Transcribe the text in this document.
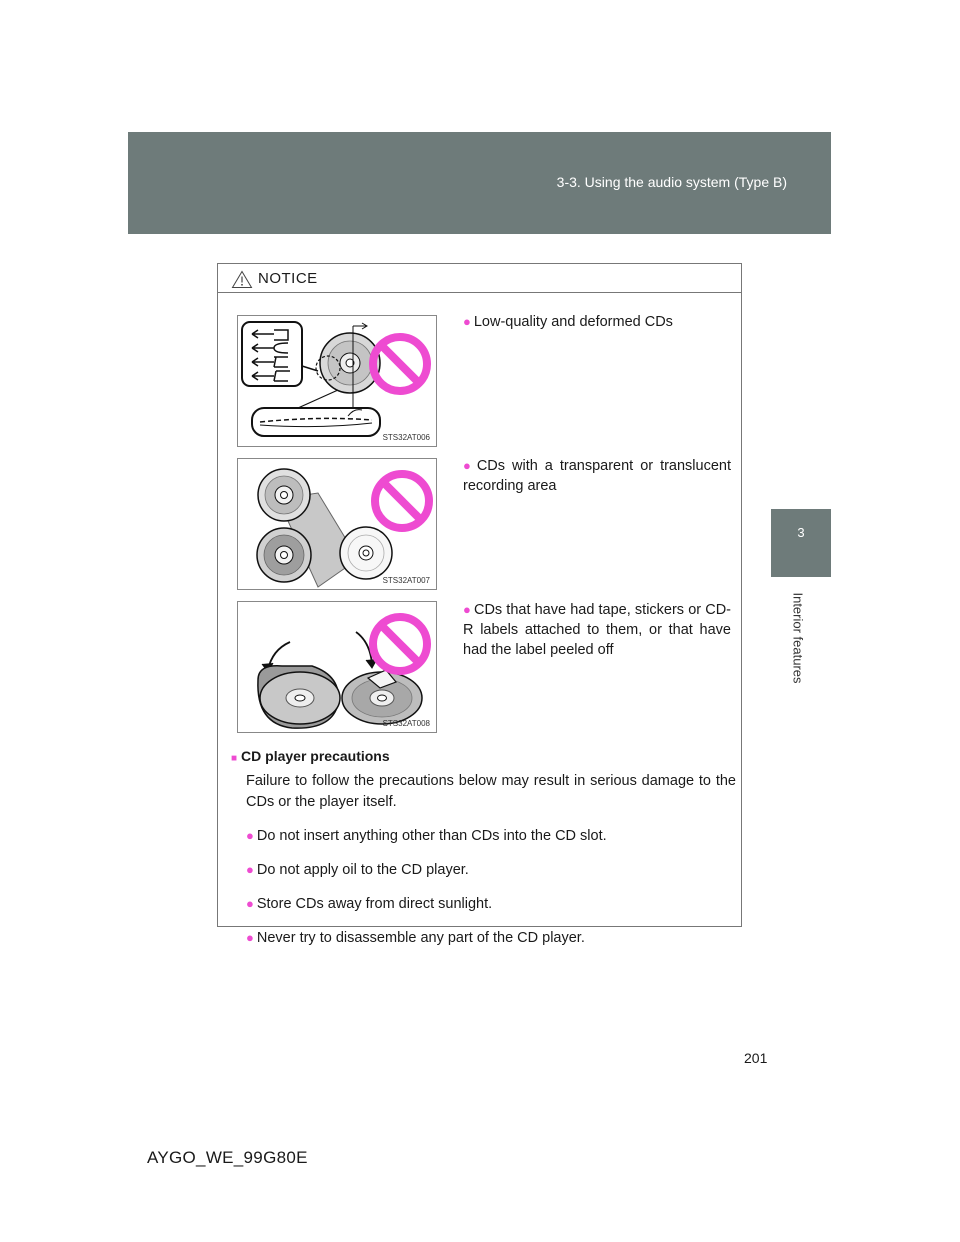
3-3. Using the audio system (Type B)
3
Interior features
NOTICE
STS32AT006
● Low-quality and deformed CDs
STS32AT007
● CDs with a transparent or translucent recording area
STS32AT008
● CDs that have had tape, stickers or CD-R labels attached to them, or that have had the label peeled off
■ CD player precautions
Failure to follow the precautions below may result in serious damage to the CDs or the player itself.
● Do not insert anything other than CDs into the CD slot.
● Do not apply oil to the CD player.
● Store CDs away from direct sunlight.
● Never try to disassemble any part of the CD player.
201
AYGO_WE_99G80E
